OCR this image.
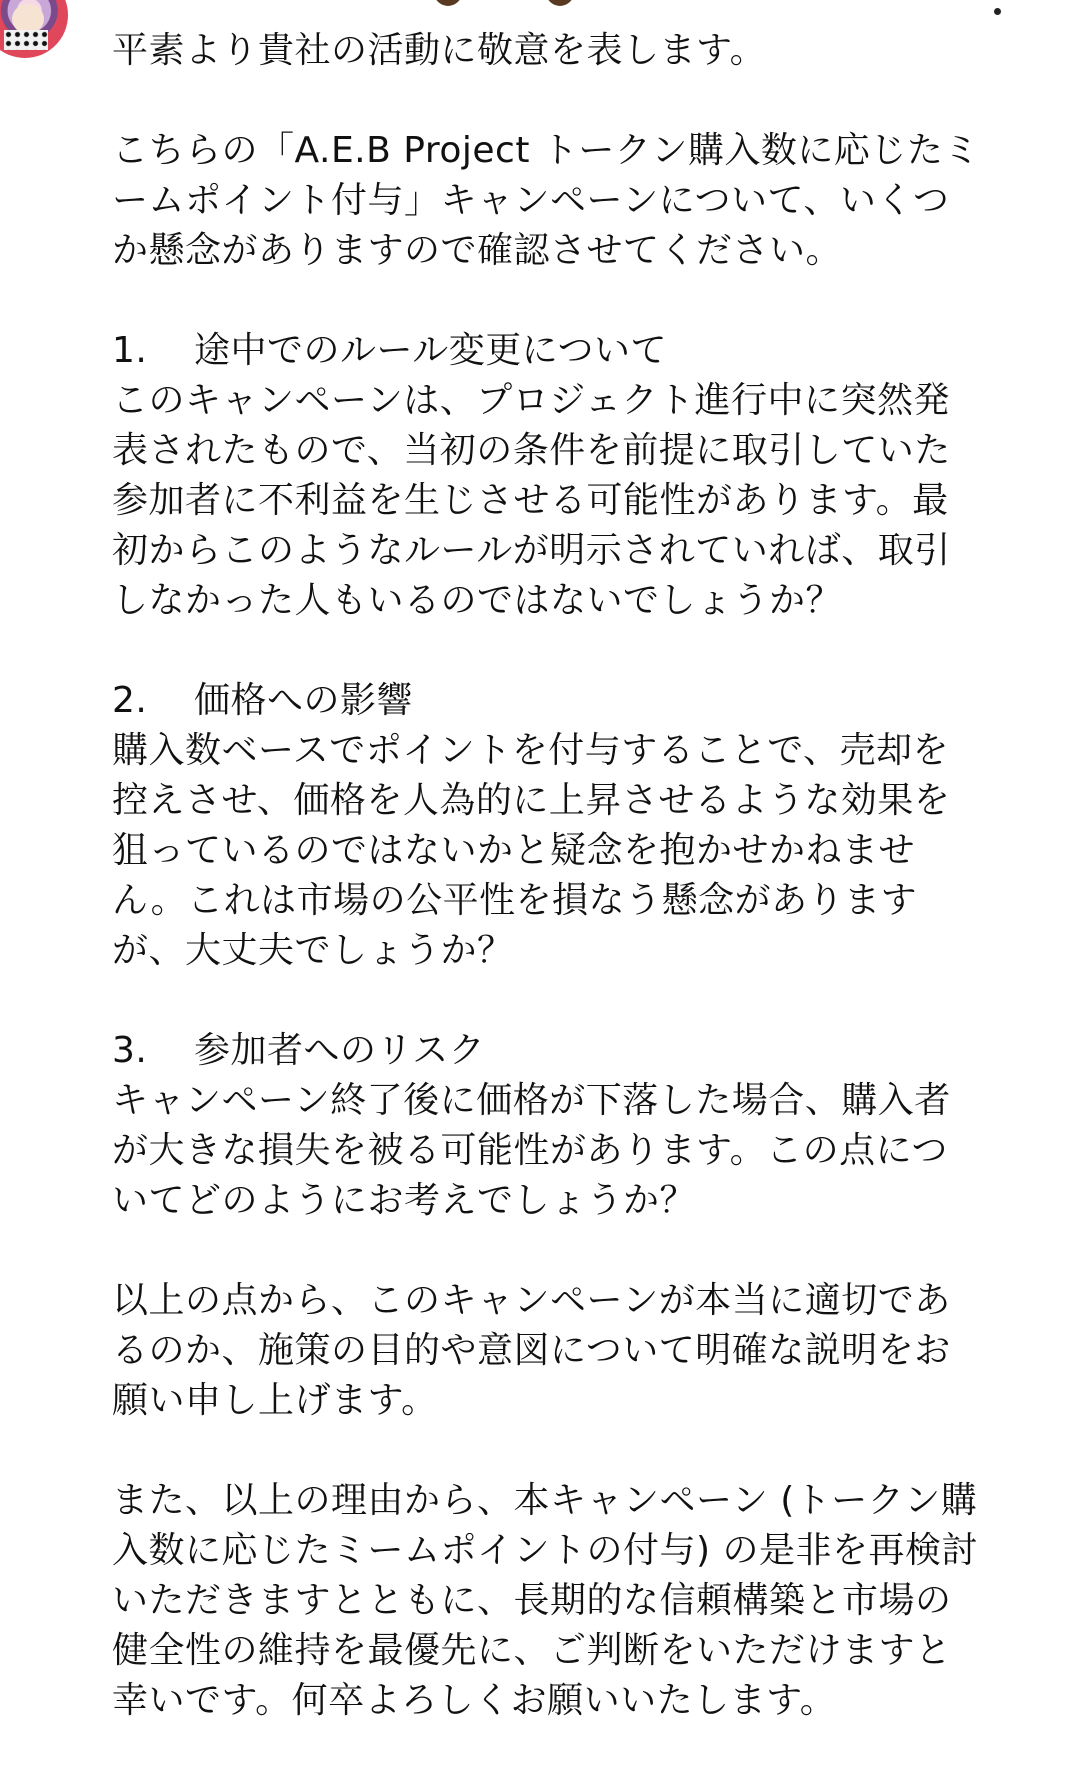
平素より貴社の活動に敬意を表します。
こちらの「A.E.B Project トークン購入数に応じたミ
ームポイント付与」キャンペーンについて、いくつ
か懸念がありますので確認させてください。
1. 途中でのルール変更について
このキャンペーンは、プロジェクト進行中に突然発
表されたもので、当初の条件を前提に取引していた
参加者に不利益を生じさせる可能性があります。最
初からこのようなルールが明示されていれば、取引
しなかった人もいるのではないでしょうか？
2. 価格への影響
購入数ベースでポイントを付与することで、売却を
控えさせ、価格を人為的に上昇させるような効果を
狙っているのではないかと疑念を抱かせかねませ
ん。これは市場の公平性を損なう懸念があります
が、大丈夫でしょうか？
3. 参加者へのリスク
キャンペーン終了後に価格が下落した場合、購入者
が大きな損失を被る可能性があります。この点につ
いてどのようにお考えでしょうか？
以上の点から、このキャンペーンが本当に適切であ
るのか、施策の目的や意図について明確な説明をお
願い申し上げます。
また、以上の理由から、本キャンペーン (トークン購
入数に応じたミームポイントの付与) の是非を再検討
いただきますとともに、長期的な信頼構築と市場の
健全性の維持を最優先に、ご判断をいただけますと
幸いです。何卒よろしくお願いいたします。
